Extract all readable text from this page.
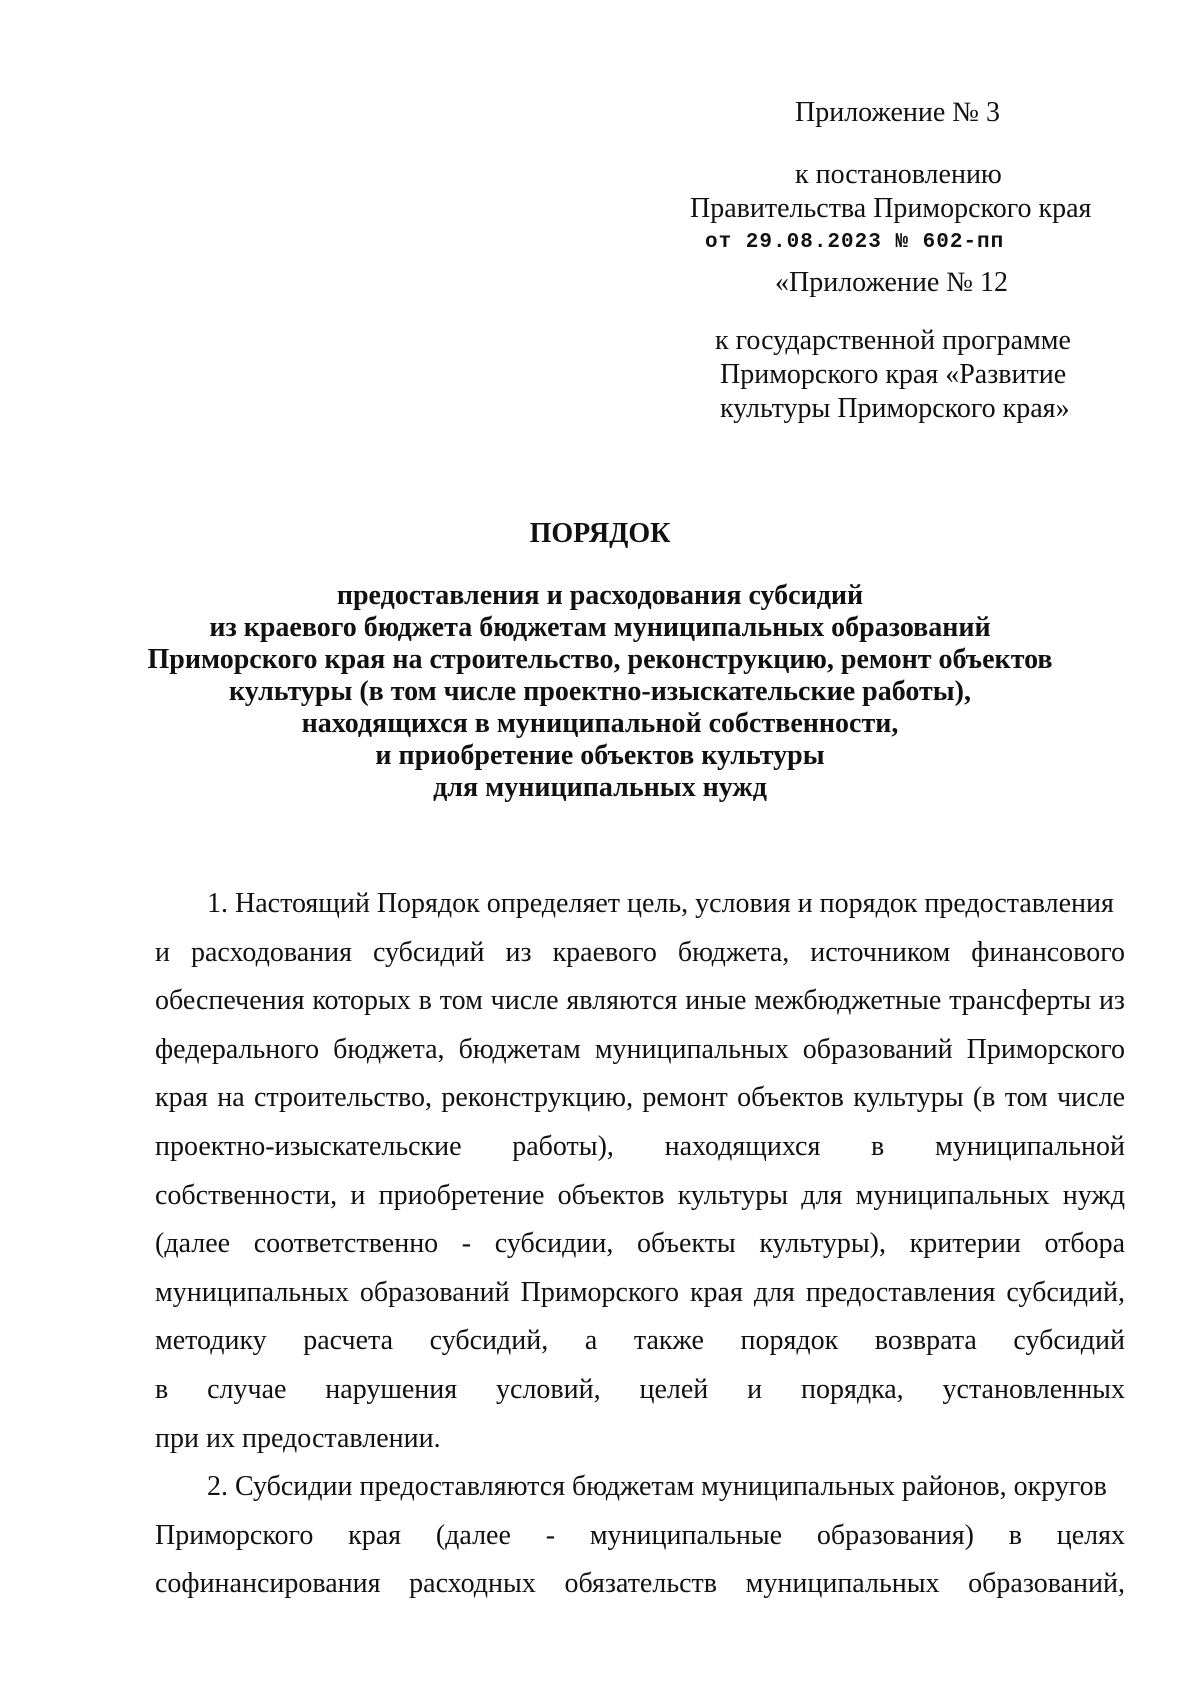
Приложение № 3
к постановлению
Правительства Приморского края
от 29.08.2023 № 602-пп
«Приложение № 12
к государственной программе
Приморского края «Развитие
культуры Приморского края»
ПОРЯДОК
предоставления и расходования субсидий
из краевого бюджета бюджетам муниципальных образований
Приморского края на строительство, реконструкцию, ремонт объектов
культуры (в том числе проектно-изыскательские работы),
находящихся в муниципальной собственности,
и приобретение объектов культуры
для муниципальных нужд
1. Настоящий Порядок определяет цель, условия и порядок предоставления
и расходования субсидий из краевого бюджета, источником финансового
обеспечения которых в том числе являются иные межбюджетные трансферты из
федерального бюджета, бюджетам муниципальных образований Приморского
края на строительство, реконструкцию, ремонт объектов культуры (в том числе
проектно-изыскательские работы), находящихся в муниципальной
собственности, и приобретение объектов культуры для муниципальных нужд
(далее соответственно - субсидии, объекты культуры), критерии отбора
муниципальных образований Приморского края для предоставления субсидий,
методику расчета субсидий, а также порядок возврата субсидий
в случае нарушения условий, целей и порядка, установленных
при их предоставлении.
2. Субсидии предоставляются бюджетам муниципальных районов, округов
Приморского края (далее - муниципальные образования) в целях
софинансирования расходных обязательств муниципальных образований,
